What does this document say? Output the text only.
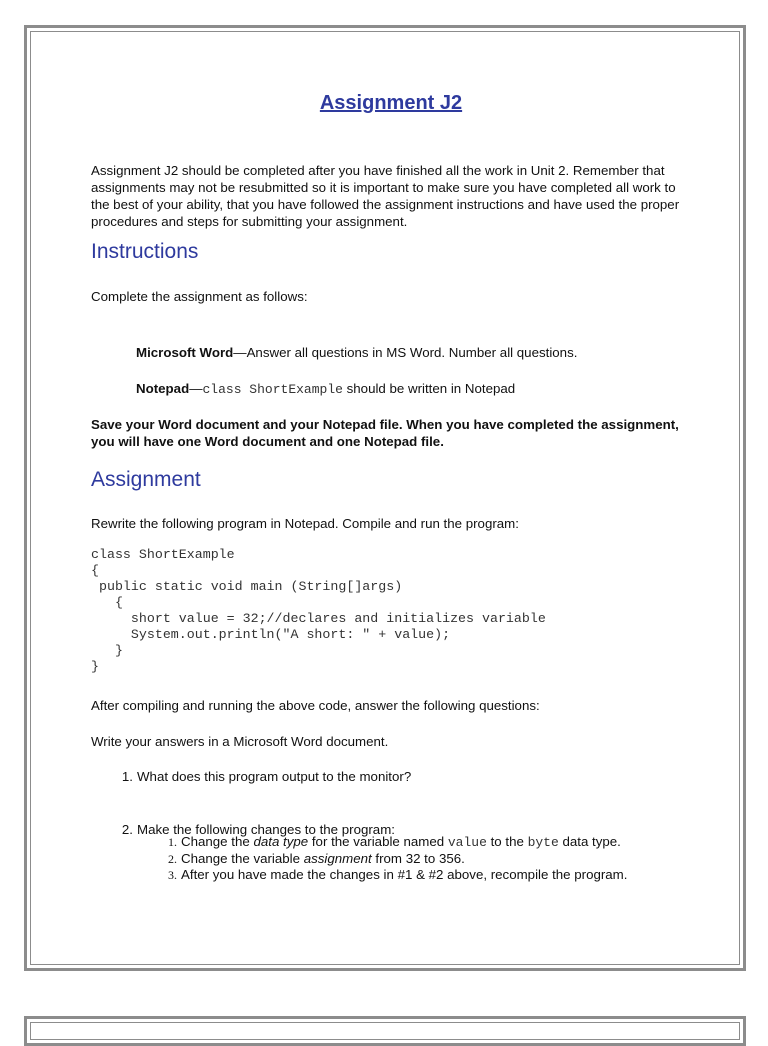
Assignment J2

Assignment J2 should be completed after you have finished all the work in Unit 2. Remember that assignments may not be resubmitted so it is important to make sure you have completed all work to the best of your ability, that you have followed the assignment instructions and have used the proper procedures and steps for submitting your assignment.

Instructions

Complete the assignment as follows:

Microsoft Word—Answer all questions in MS Word. Number all questions.

Notepad—class ShortExample should be written in Notepad

Save your Word document and your Notepad file. When you have completed the assignment, you will have one Word document and one Notepad file.

Assignment

Rewrite the following program in Notepad. Compile and run the program:

class ShortExample
{
public static void main (String[]args)
{
short value = 32;//declares and initializes variable
System.out.println("A short: " + value);
}
}

After compiling and running the above code, answer the following questions:

Write your answers in a Microsoft Word document.

1. What does this program output to the monitor?
2. Make the following changes to the program:
1. Change the data type for the variable named value to the byte data type.
2. Change the variable assignment from 32 to 356.
3. After you have made the changes in #1 & #2 above, recompile the program.
